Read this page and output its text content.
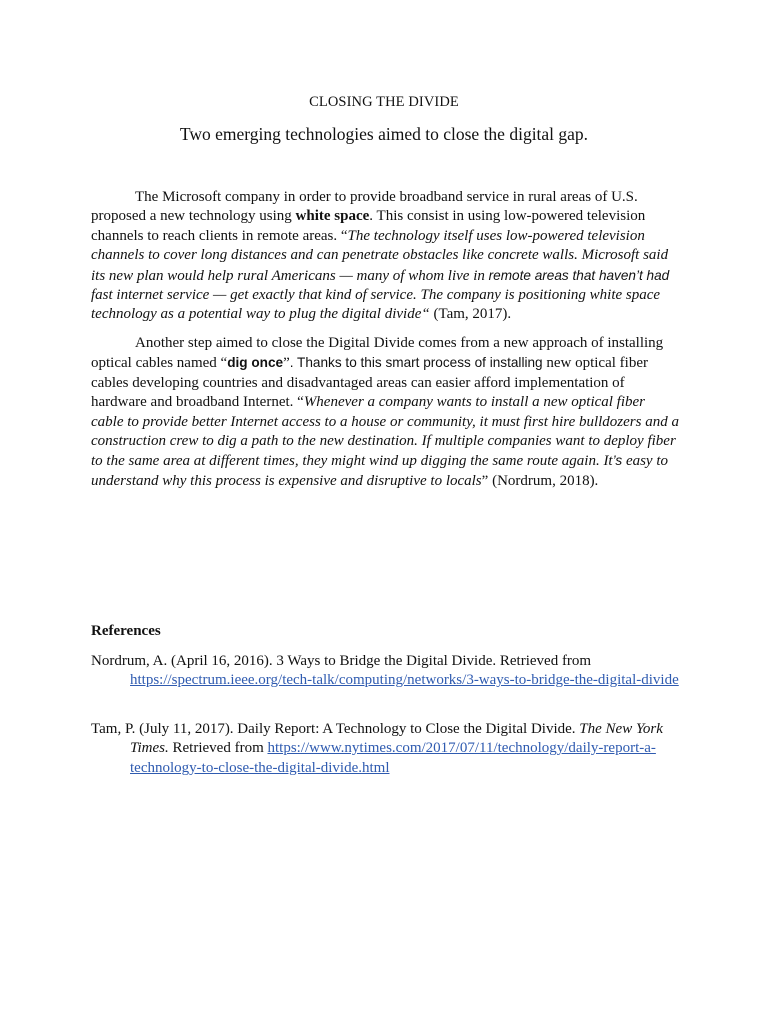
CLOSING THE DIVIDE
Two emerging technologies aimed to close the digital gap.

The Microsoft company in order to provide broadband service in rural areas of U.S. proposed a new technology using white space. This consist in using low-powered television channels to reach clients in remote areas. “The technology itself uses low-powered television channels to cover long distances and can penetrate obstacles like concrete walls. Microsoft said its new plan would help rural Americans — many of whom live in remote areas that haven’t had fast internet service — get exactly that kind of service. The company is positioning white space technology as a potential way to plug the digital divide“ (Tam, 2017).

Another step aimed to close the Digital Divide comes from a new approach of installing optical cables named “dig once”. Thanks to this smart process of installing new optical fiber cables developing countries and disadvantaged areas can easier afford implementation of hardware and broadband Internet. “Whenever a company wants to install a new optical fiber cable to provide better Internet access to a house or community, it must first hire bulldozers and a construction crew to dig a path to the new destination. If multiple companies want to deploy fiber to the same area at different times, they might wind up digging the same route again. It’s easy to understand why this process is expensive and disruptive to locals” (Nordrum, 2018).

References
Nordrum, A. (April 16, 2016). 3 Ways to Bridge the Digital Divide. Retrieved from https://spectrum.ieee.org/tech-talk/computing/networks/3-ways-to-bridge-the-digital-divide
Tam, P. (July 11, 2017). Daily Report: A Technology to Close the Digital Divide. The New York Times. Retrieved from https://www.nytimes.com/2017/07/11/technology/daily-report-a-technology-to-close-the-digital-divide.html
